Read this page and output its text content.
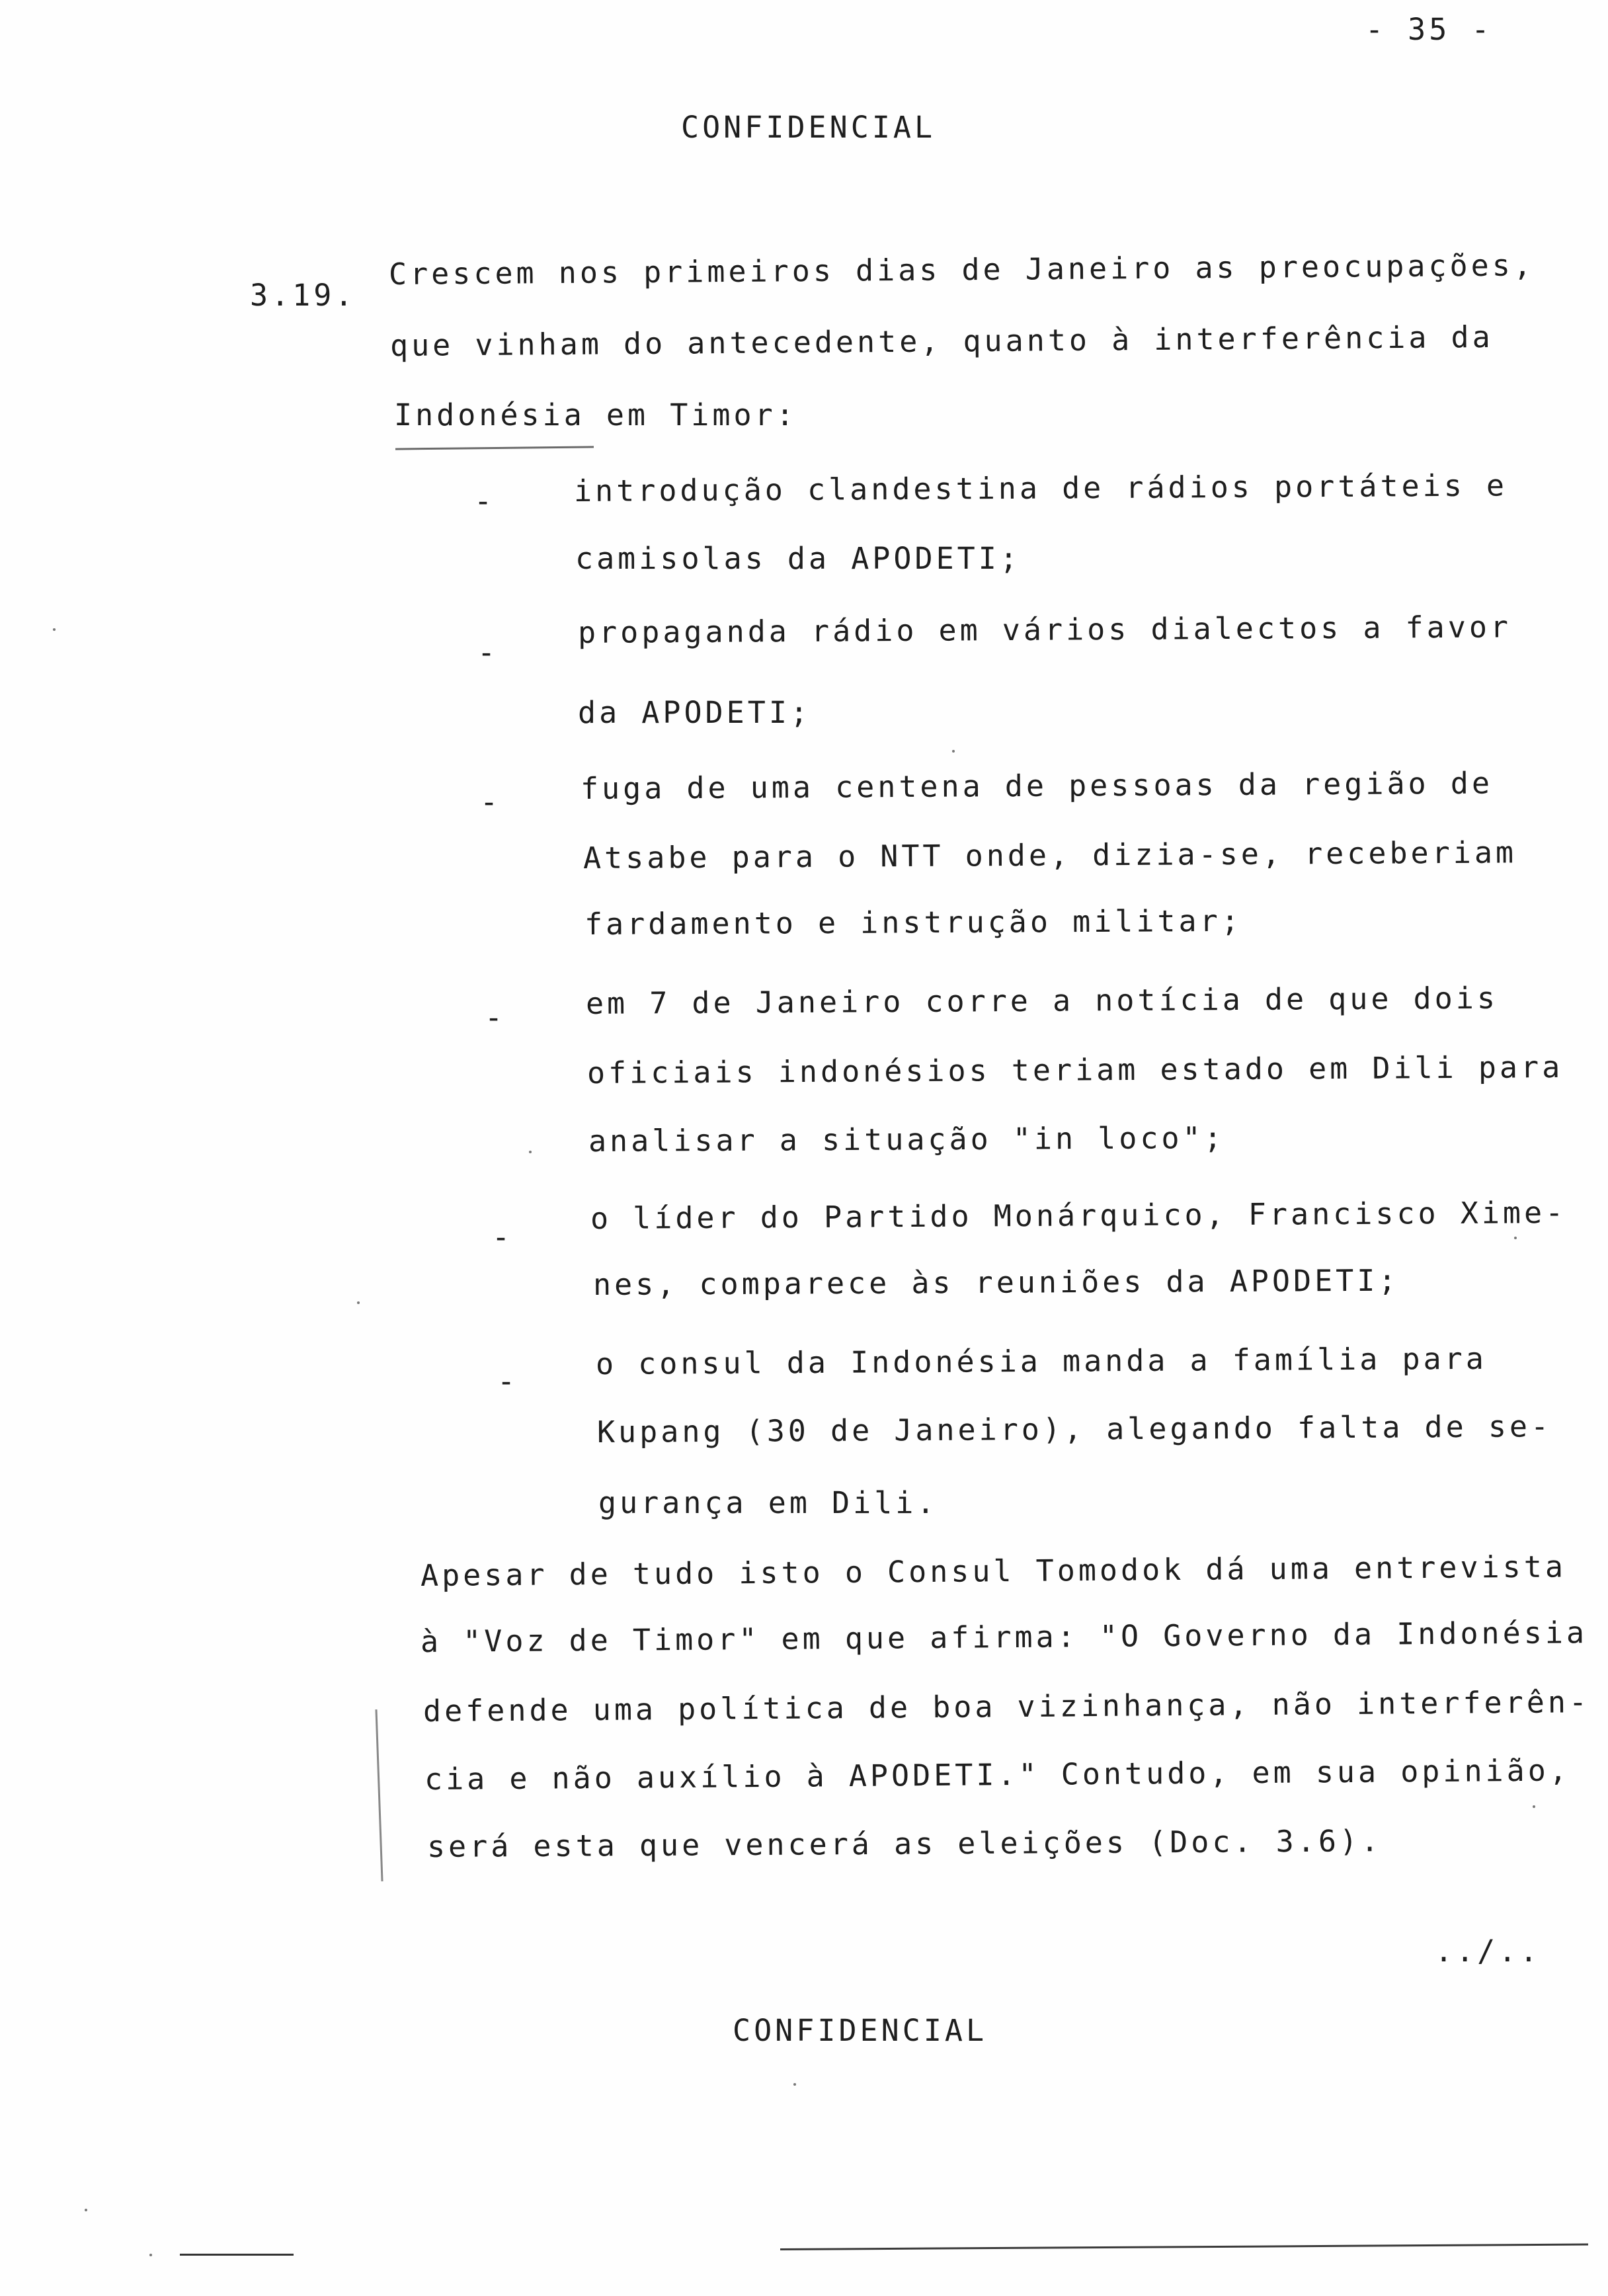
- 35 -
CONFIDENCIAL
3.19.
Crescem nos primeiros dias de Janeiro as preocupações,
que vinham do antecedente, quanto à interferência da
Indonésia em Timor:
-	introdução clandestina de rádios portáteis e
camisolas da APODETI;
-
propaganda rádio em vários dialectos a favor
da APODETI;
-	fuga de uma centena de pessoas da região de
Atsabe para o NTT onde, dizia-se, receberiam
fardamento e instrução militar;
-	em 7 de Janeiro corre a notícia de que dois
oficiais indonésios teriam estado em Dili para
analisar a situação "in loco";
-
o líder do Partido Monárquico, Francisco Xime-
nes, comparece às reuniões da APODETI;
-	o consul da Indonésia manda a família para
Kupang (30 de Janeiro), alegando falta de se-
gurança em Dili.
Apesar de tudo isto o Consul Tomodok dá uma entrevista
à "Voz de Timor" em que afirma: "O Governo da Indonésia
defende uma política de boa vizinhança, não interferên-
cia e não auxílio à APODETI." Contudo, em sua opinião,
será esta que vencerá as eleições (Doc. 3.6).
../..
CONFIDENCIAL
